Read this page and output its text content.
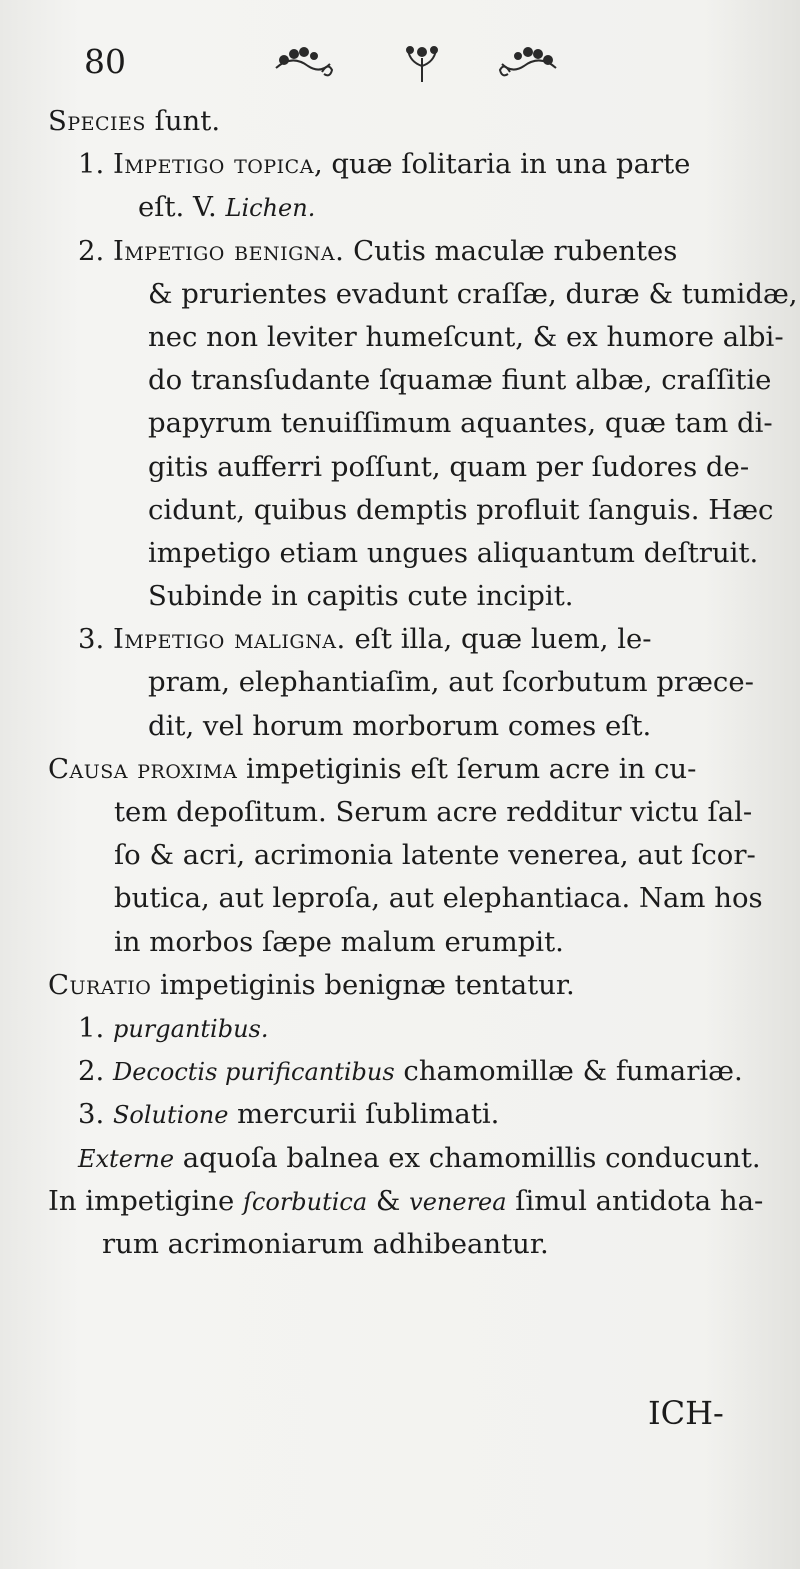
80
Species ſunt.
1. Impetigo topica, quæ ſolitaria in una parte
eſt. V. Lichen.
2. Impetigo benigna. Cutis maculæ rubentes
& prurientes evadunt craſſæ, duræ & tumidæ,
nec non leviter humeſcunt, & ex humore albi-
do transſudante ſquamæ fiunt albæ, craſſitie
papyrum tenuiſſimum aquantes, quæ tam di-
gitis aufferri poſſunt, quam per ſudores de-
cidunt, quibus demptis profluit ſanguis. Hæc
impetigo etiam ungues aliquantum deſtruit.
Subinde in capitis cute incipit.
3. Impetigo maligna. eſt illa, quæ luem, le-
pram, elephantiaſim, aut ſcorbutum præce-
dit, vel horum morborum comes eſt.
Causa proxima impetiginis eſt ſerum acre in cu-
tem depoſitum. Serum acre redditur victu ſal-
ſo & acri, acrimonia latente venerea, aut ſcor-
butica, aut leproſa, aut elephantiaca. Nam hos
in morbos ſæpe malum erumpit.
Curatio impetiginis benignæ tentatur.
1. purgantibus.
2. Decoctis purificantibus chamomillæ & fumariæ.
3. Solutione mercurii ſublimati.
Externe aquoſa balnea ex chamomillis conducunt.
In impetigine ſcorbutica & venerea ſimul antidota ha-
rum acrimoniarum adhibeantur.
ICH-
